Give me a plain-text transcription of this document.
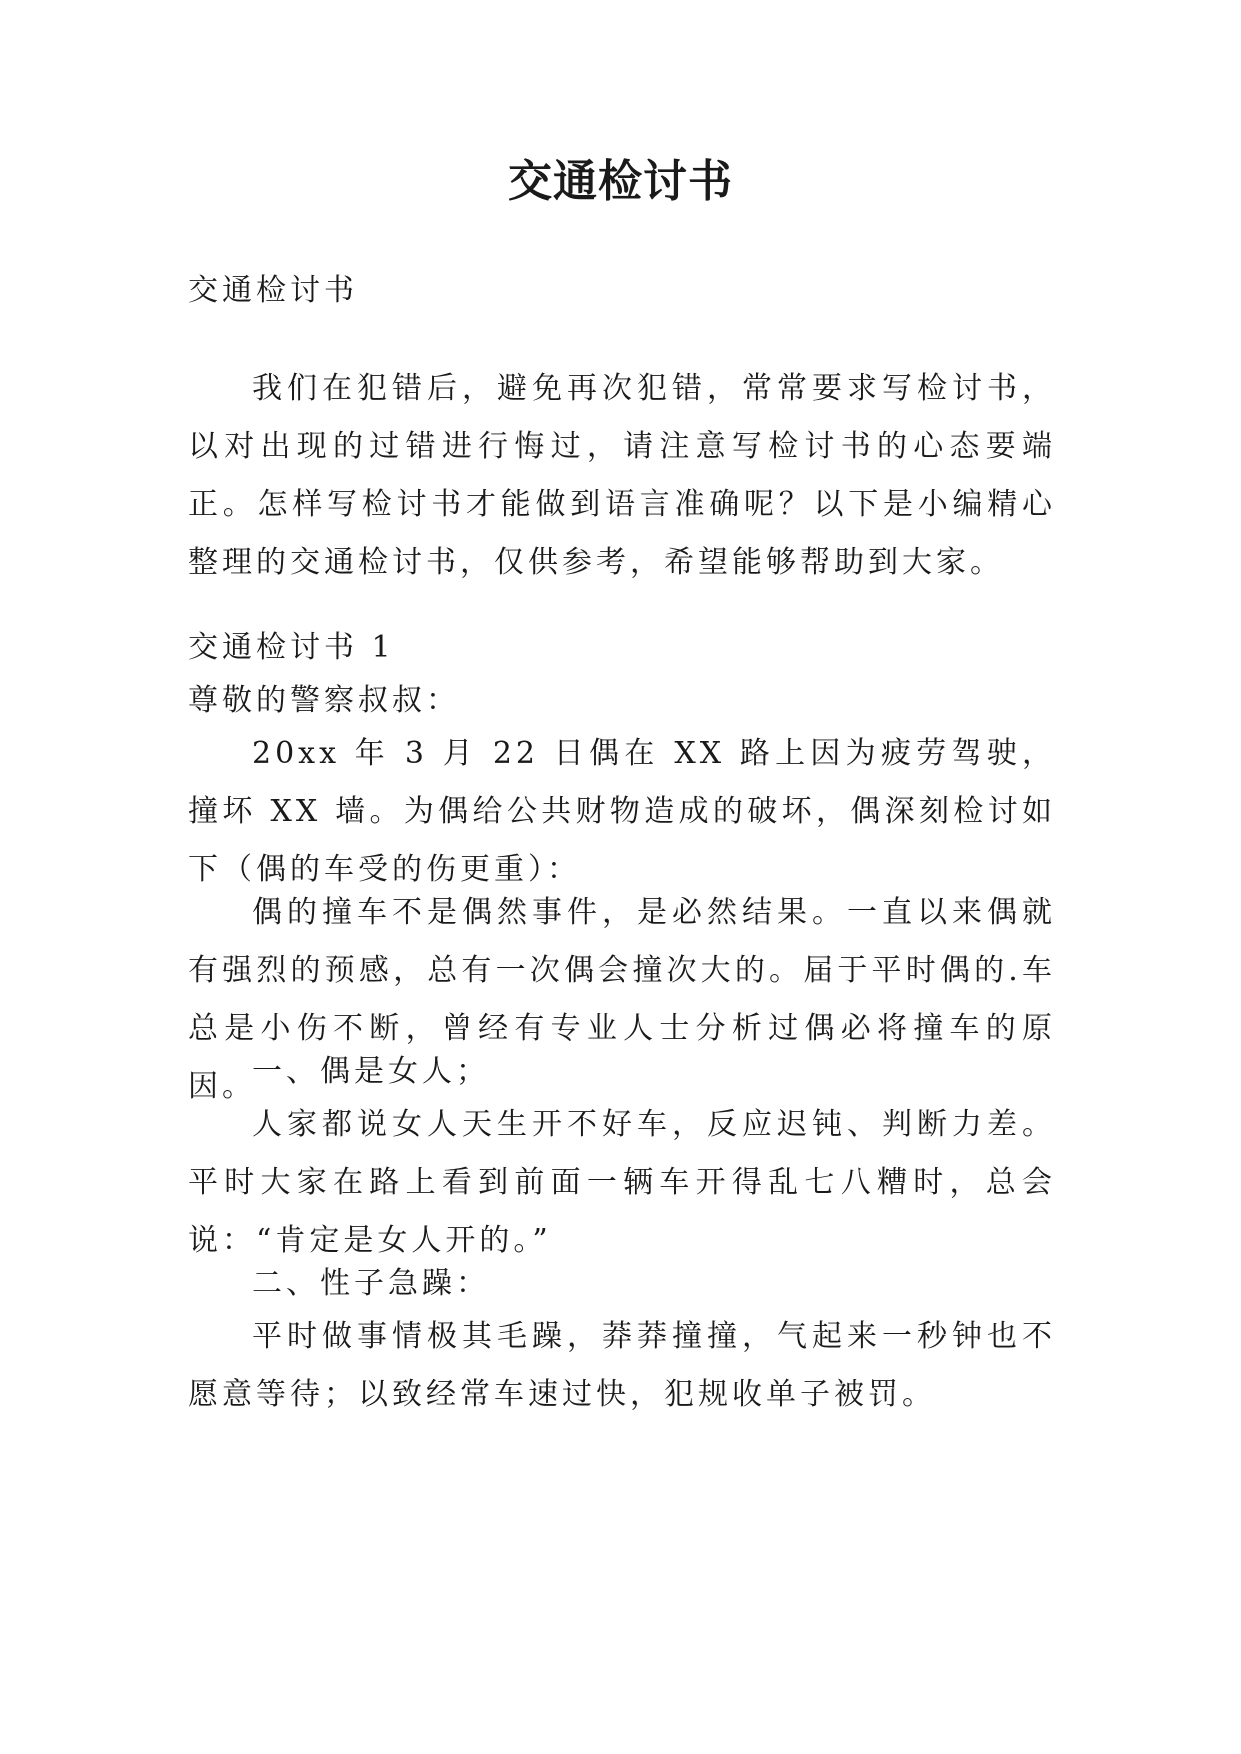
交通检讨书
交通检讨书

我们在犯错后，避免再次犯错，常常要求写检讨书，以对出现的过错进行悔过，请注意写检讨书的心态要端正。怎样写检讨书才能做到语言准确呢？以下是小编精心整理的交通检讨书，仅供参考，希望能够帮助到大家。

交通检讨书 1
尊敬的警察叔叔：

20xx 年 3 月 22 日偶在 XX 路上因为疲劳驾驶，撞坏 XX 墙。为偶给公共财物造成的破坏，偶深刻检讨如下（偶的车受的伤更重）：

偶的撞车不是偶然事件，是必然结果。一直以来偶就有强烈的预感，总有一次偶会撞次大的。届于平时偶的.车总是小伤不断，曾经有专业人士分析过偶必将撞车的原因。

一、偶是女人；

人家都说女人天生开不好车，反应迟钝、判断力差。平时大家在路上看到前面一辆车开得乱七八糟时，总会说：“肯定是女人开的。”

二、性子急躁：

平时做事情极其毛躁，莽莽撞撞，气起来一秒钟也不愿意等待；以致经常车速过快，犯规收单子被罚。
